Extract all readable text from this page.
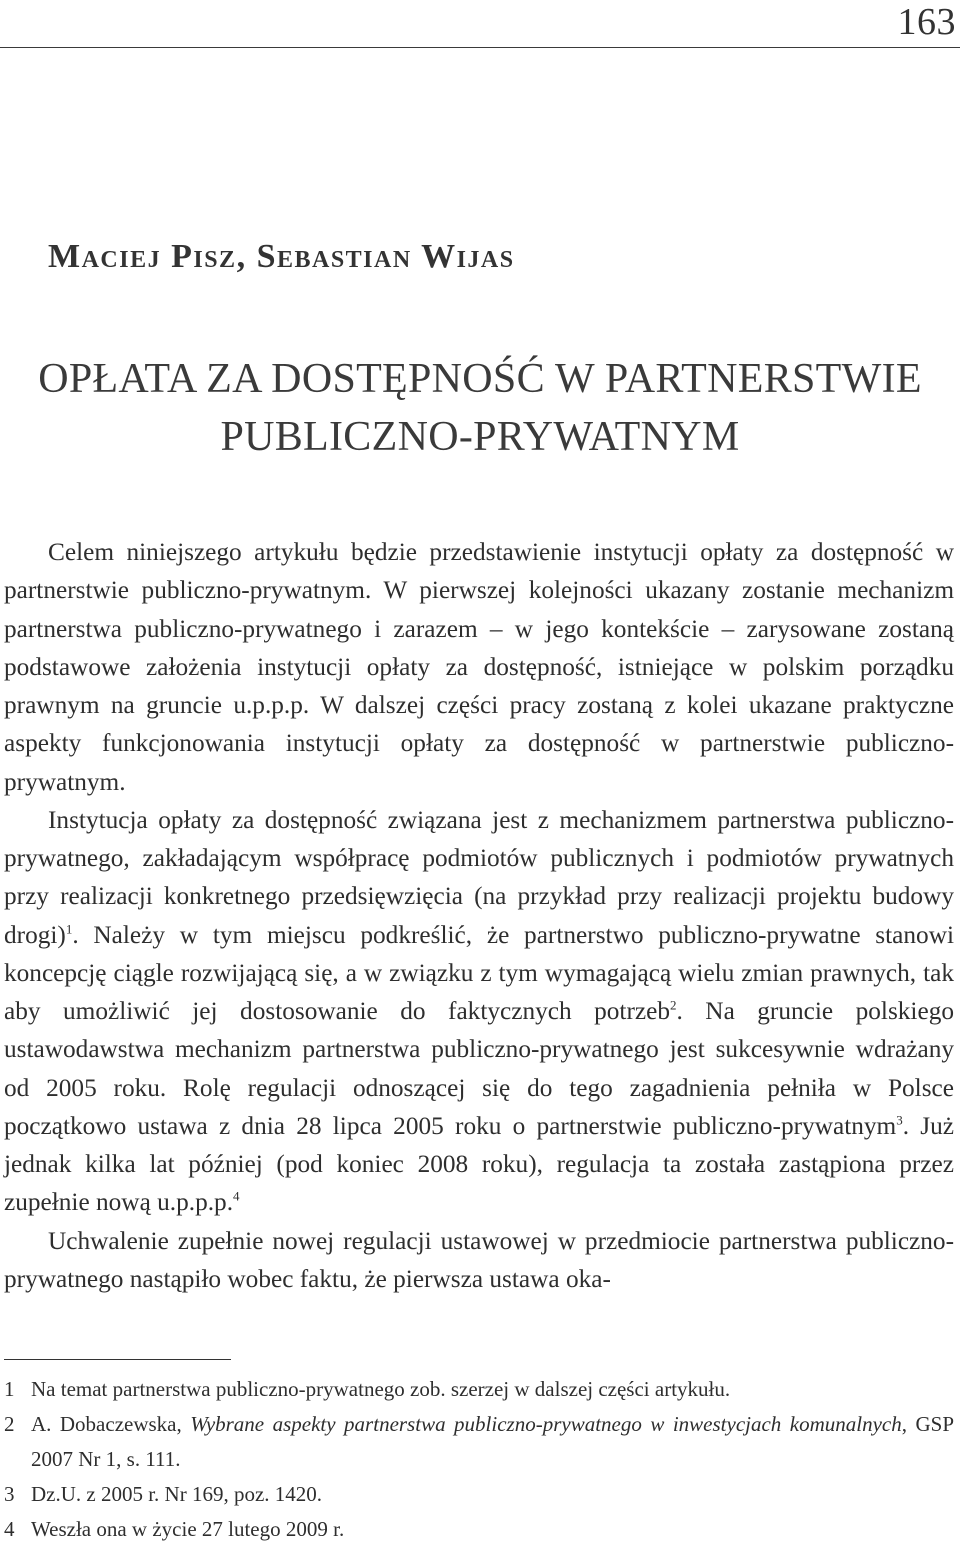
163
Maciej Pisz, Sebastian Wijas
OPŁATA ZA DOSTĘPNOŚĆ W PARTNERSTWIE
PUBLICZNO-PRYWATNYM

Celem niniejszego artykułu będzie przedstawienie instytucji opłaty za dostępność w partnerstwie publiczno-prywatnym. W pierwszej kolejności ukazany zostanie mechanizm partnerstwa publiczno-prywatnego i zarazem – w jego kontekście – zarysowane zostaną podstawowe założenia instytucji opłaty za dostępność, istniejące w polskim porządku prawnym na gruncie u.p.p.p. W dalszej części pracy zostaną z kolei ukazane praktyczne aspekty funkcjonowania instytucji opłaty za dostępność w partnerstwie publiczno-prywatnym.

Instytucja opłaty za dostępność związana jest z mechanizmem partnerstwa publiczno-prywatnego, zakładającym współpracę podmiotów publicznych i podmiotów prywatnych przy realizacji konkretnego przedsięwzięcia (na przykład przy realizacji projektu budowy drogi)$^1$. Należy w tym miejscu podkreślić, że partnerstwo publiczno-prywatne stanowi koncepcję ciągle rozwijającą się, a w związku z tym wymagającą wielu zmian prawnych, tak aby umożliwić jej dostosowanie do faktycznych potrzeb$^2$. Na gruncie polskiego ustawodawstwa mechanizm partnerstwa publiczno-prywatnego jest sukcesywnie wdrażany od 2005 roku. Rolę regulacji odnoszącej się do tego zagadnienia pełniła w Polsce początkowo ustawa z dnia 28 lipca 2005 roku o partnerstwie publiczno-prywatnym$^3$. Już jednak kilka lat później (pod koniec 2008 roku), regulacja ta została zastąpiona przez zupełnie nową u.p.p.p.$^4$

Uchwalenie zupełnie nowej regulacji ustawowej w przedmiocie partnerstwa publiczno-prywatnego nastąpiło wobec faktu, że pierwsza ustawa oka-

1 Na temat partnerstwa publiczno-prywatnego zob. szerzej w dalszej części artykułu.
2 A. Dobaczewska, Wybrane aspekty partnerstwa publiczno-prywatnego w inwestycjach komunalnych, GSP 2007 Nr 1, s. 111.
3 Dz.U. z 2005 r. Nr 169, poz. 1420.
4 Weszła ona w życie 27 lutego 2009 r.
